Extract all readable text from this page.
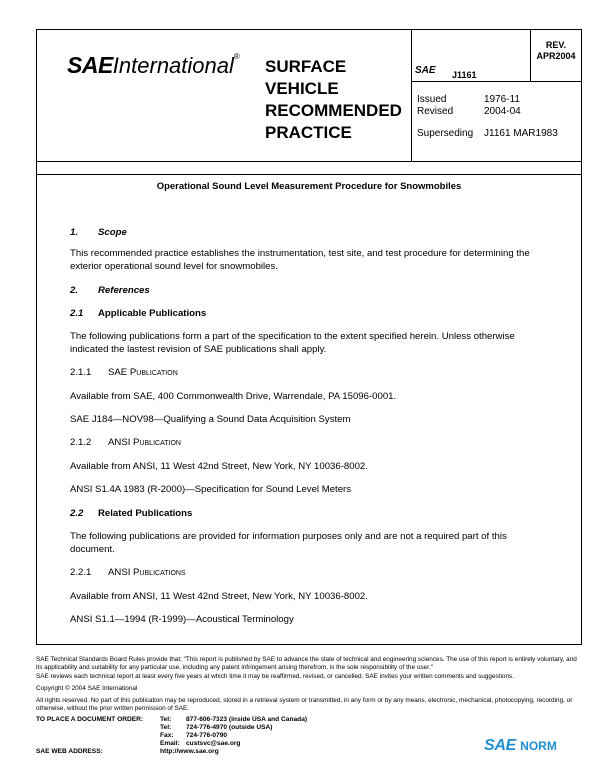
SAEInternational®
SURFACE
VEHICLE
RECOMMENDED
PRACTICE
SAE J1161
REV.
APR2004
Issued	1976-11
Revised	2004-04
Superseding J1161 MAR1983
Operational Sound Level Measurement Procedure for Snowmobiles
1. Scope
This recommended practice establishes the instrumentation, test site, and test procedure for determining the exterior operational sound level for snowmobiles.
2. References
2.1 Applicable Publications
The following publications form a part of the specification to the extent specified herein. Unless otherwise indicated the lastest revision of SAE publications shall apply.
2.1.1 SAE Publication
Available from SAE, 400 Commonwealth Drive, Warrendale, PA 15096-0001.
SAE J184—NOV98—Qualifying a Sound Data Acquisition System
2.1.2 ANSI Publication
Available from ANSI, 11 West 42nd Street, New York, NY 10036-8002.
ANSI S1.4A 1983 (R-2000)—Specification for Sound Level Meters
2.2 Related Publications
The following publications are provided for information purposes only and are not a required part of this document.
2.2.1 ANSI Publications
Available from ANSI, 11 West 42nd Street, New York, NY 10036-8002.
ANSI S1.1—1994 (R-1999)—Acoustical Terminology
SAE Technical Standards Board Rules provide that: "This report is published by SAE to advance the state of technical and engineering sciences. The use of this report is entirely voluntary, and its applicability and suitability for any particular use, including any patent infringement arising therefrom, is the sole responsibility of the user."
SAE reviews each technical report at least every five years at which time it may be reaffirmed, revised, or cancelled. SAE invites your written comments and suggestions.
Copyright © 2004 SAE International
All rights reserved. No part of this publication may be reproduced, stored in a retrieval system or transmitted, in any form or by any means, electronic, mechanical, photocopying, recording, or otherwise, without the prior written permission of SAE.
TO PLACE A DOCUMENT ORDER:	Tel: 877-606-7323 (inside USA and Canada)
Tel: 724-776-4970 (outside USA)
Fax: 724-776-0790
Email: custsvc@sae.org
SAE WEB ADDRESS:	http://www.sae.org	SAE NORM
